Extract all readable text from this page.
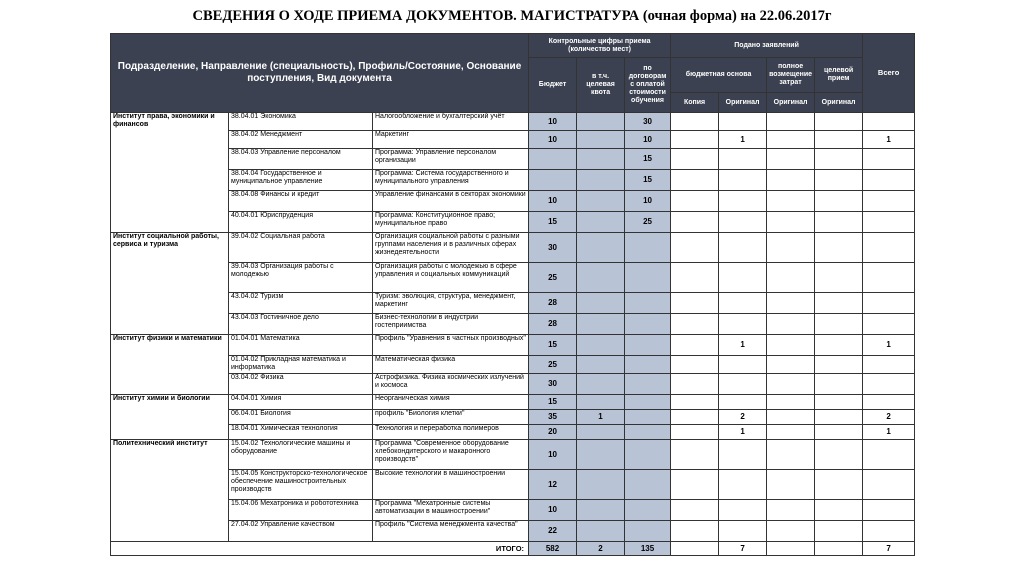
СВЕДЕНИЯ О ХОДЕ ПРИЕМА ДОКУМЕНТОВ. МАГИСТРАТУРА (очная форма) на 22.06.2017г
Подразделение, Направление (специальность), Профиль/Состояние, Основание поступления, Вид документа			Контрольные цифры приема (количество мест)			Подано заявлений				Всего
			Бюджет	в т.ч. целевая квота	по договорам с оплатой стоимости обучения	бюджетная основа		полное возмещение затрат	целевой прием	
						Копия	Оригинал	Оригинал	Оригинал	
Институт права, экономики и финансов	38.04.01 Экономика	Налогообложение и бухгалтерский учёт	10		30					
	38.04.02 Менеджмент	Маркетинг	10		10		1			1
	38.04.03 Управление персоналом	Программа: Управление персоналом организации			15					
	38.04.04 Государственное и муниципальное управление	Программа: Система государственного и муниципального управления			15					
	38.04.08 Финансы и кредит	Управление финансами в секторах экономики	10		10					
	40.04.01 Юриспруденция	Программа: Конституционное право; муниципальное право	15		25					
Институт социальной работы, сервиса и туризма	39.04.02 Социальная работа	Организация социальной работы с разными группами населения и в различных сферах жизнедеятельности	30							
	39.04.03 Организация работы с молодежью	Организация работы с молодежью в сфере управления и социальных коммуникаций	25							
	43.04.02 Туризм	Туризм: эволюция, структура, менеджмент, маркетинг	28							
	43.04.03 Гостиничное дело	Бизнес-технологии в индустрии гостеприимства	28							
Институт физики и математики	01.04.01 Математика	Профиль "Уравнения в частных производных"	15				1			1
	01.04.02 Прикладная математика и информатика	Математическая физика	25							
	03.04.02 Физика	Астрофизика. Физика космических излучений и космоса	30							
Институт химии и биологии	04.04.01 Химия	Неорганическая химия	15							
	06.04.01 Биология	профиль "Биология клетки"	35	1			2			2
	18.04.01 Химическая технология	Технология и переработка полимеров	20				1			1
Политехнический институт	15.04.02 Технологические машины и оборудование	Программа "Современное оборудование хлебокондитерского и макаронного производств"	10							
	15.04.05 Конструкторско-технологическое обеспечение машиностроительных производств	Высокие технологии в машиностроении	12							
	15.04.06 Мехатроника и робототехника	Программа "Мехатронные системы автоматизации в машиностроении"	10							
	27.04.02 Управление качеством	Профиль "Система менеджмента качества"	22							
ИТОГО:			582	2	135		7			7
